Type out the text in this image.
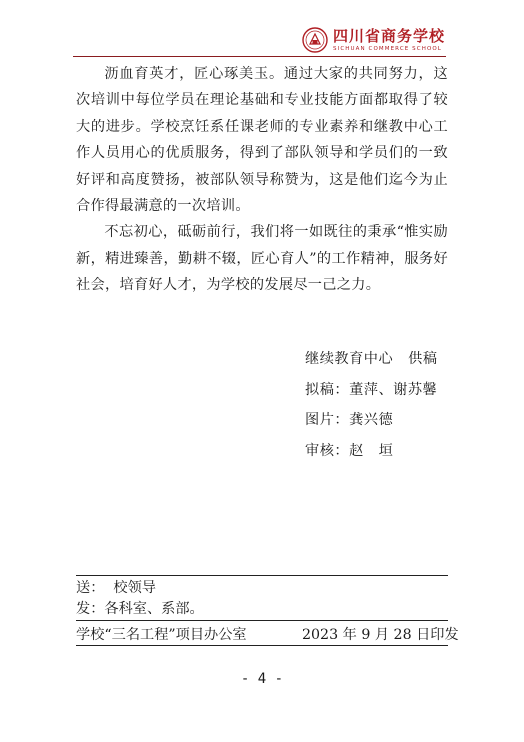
四川省商务学校
SICHUAN COMMERCE SCHOOL

沥血育英才，匠心琢美玉。通过大家的共同努力，这次培训中每位学员在理论基础和专业技能方面都取得了较大的进步。学校烹饪系任课老师的专业素养和继教中心工作人员用心的优质服务，得到了部队领导和学员们的一致好评和高度赞扬，被部队领导称赞为，这是他们迄今为止合作得最满意的一次培训。

不忘初心，砥砺前行，我们将一如既往的秉承“惟实励新，精进臻善，勤耕不辍，匠心育人”的工作精神，服务好社会，培育好人才，为学校的发展尽一己之力。

继续教育中心   供稿
拟稿：董萍、谢苏馨
图片：龚兴德
审核：赵   垣
送：  校领导
发：各科室、系部。
学校“三名工程”项目办公室	2023 年 9 月 28 日印发
- 4 -
